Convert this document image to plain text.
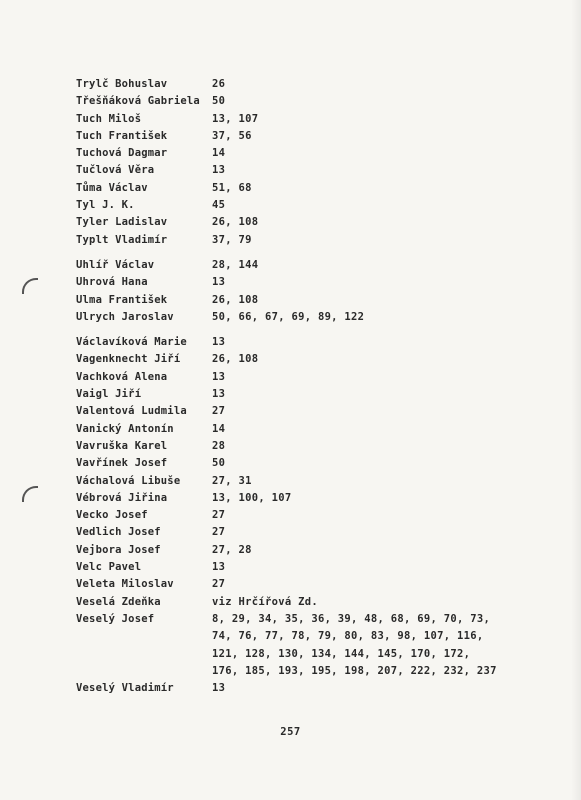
Trylč Bohuslav	26
Třešňáková Gabriela	50
Tuch Miloš	13, 107
Tuch František	37, 56
Tuchová Dagmar	14
Tučlová Věra	13
Tůma Václav	51, 68
Tyl J. K.	45
Tyler Ladislav	26, 108
Typlt Vladimír	37, 79
Uhlíř Václav	28, 144
Uhrová Hana	13
Ulma František	26, 108
Ulrych Jaroslav	50, 66, 67, 69, 89, 122
Václavíková Marie	13
Vagenknecht Jiří	26, 108
Vachková Alena	13
Vaigl Jiří	13
Valentová Ludmila	27
Vanický Antonín	14
Vavruška Karel	28
Vavřínek Josef	50
Váchalová Libuše	27, 31
Vébrová Jiřina	13, 100, 107
Vecko Josef	27
Vedlich Josef	27
Vejbora Josef	27, 28
Velc Pavel	13
Veleta Miloslav	27
Veselá Zdeňka	viz Hrčířová Zd.
Veselý Josef	8, 29, 34, 35, 36, 39, 48, 68, 69, 70, 73,
74, 76, 77, 78, 79, 80, 83, 98, 107, 116,
121, 128, 130, 134, 144, 145, 170, 172,
176, 185, 193, 195, 198, 207, 222, 232, 237
Veselý Vladimír	13
257
